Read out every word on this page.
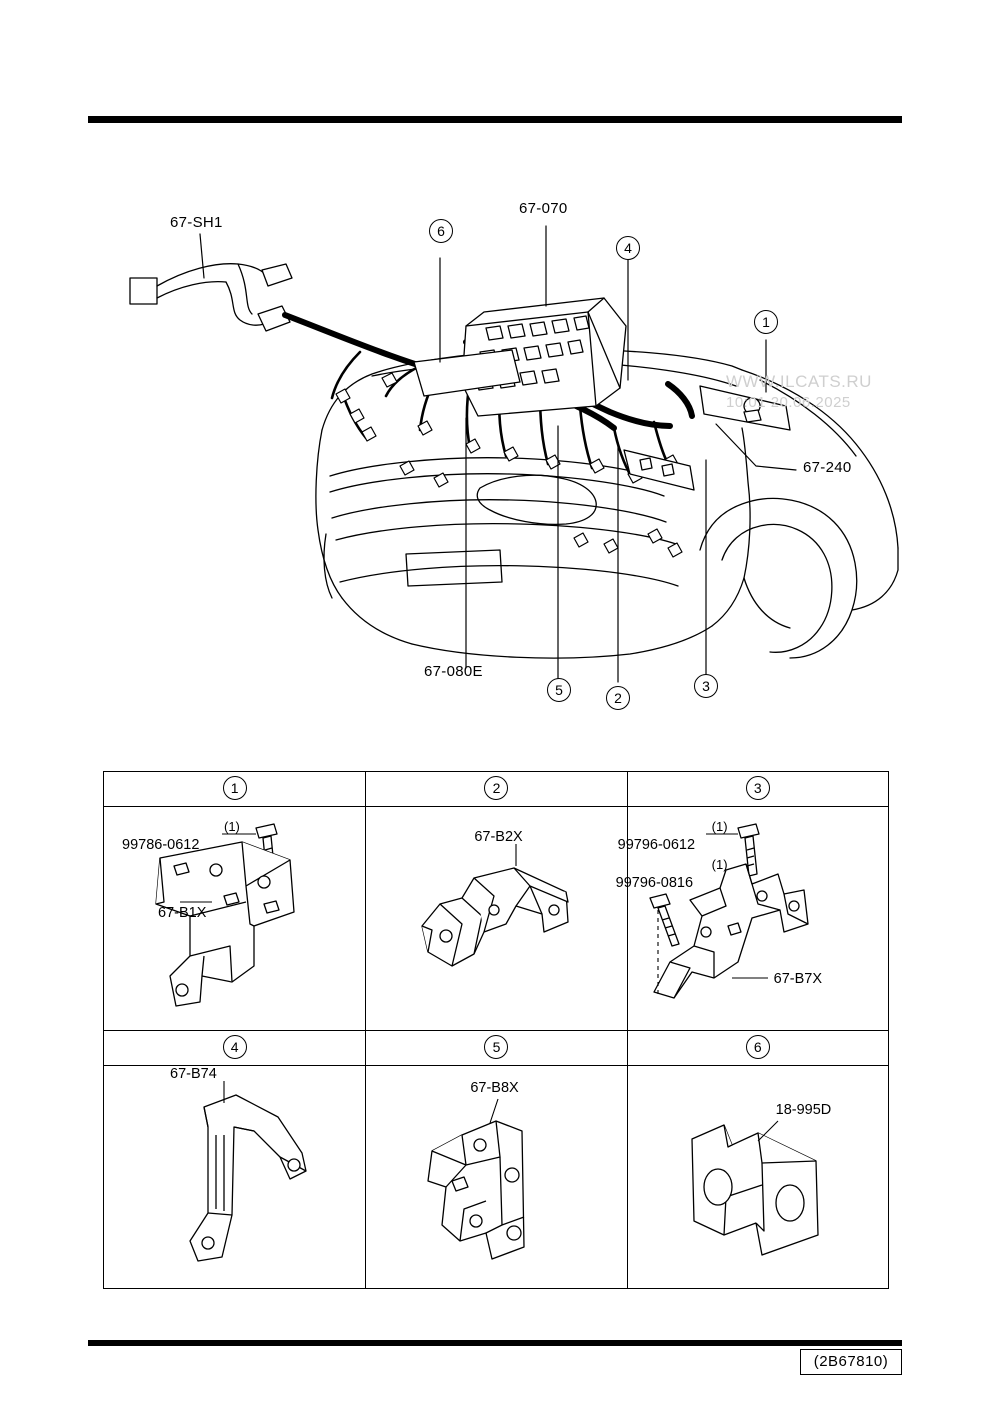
67-SH1
67-070
67-240
67-080E
6
4
1
5	2
3
WWW.ILCATS.RU
10:01 20.06.2025
1
99786-0612
(1)
67-B1X
2
67-B2X
3
99796-0612
(1)
99796-0816
(1)
67-B7X
4
67-B74
5
67-B8X
6
18-995D
(2B67810)
